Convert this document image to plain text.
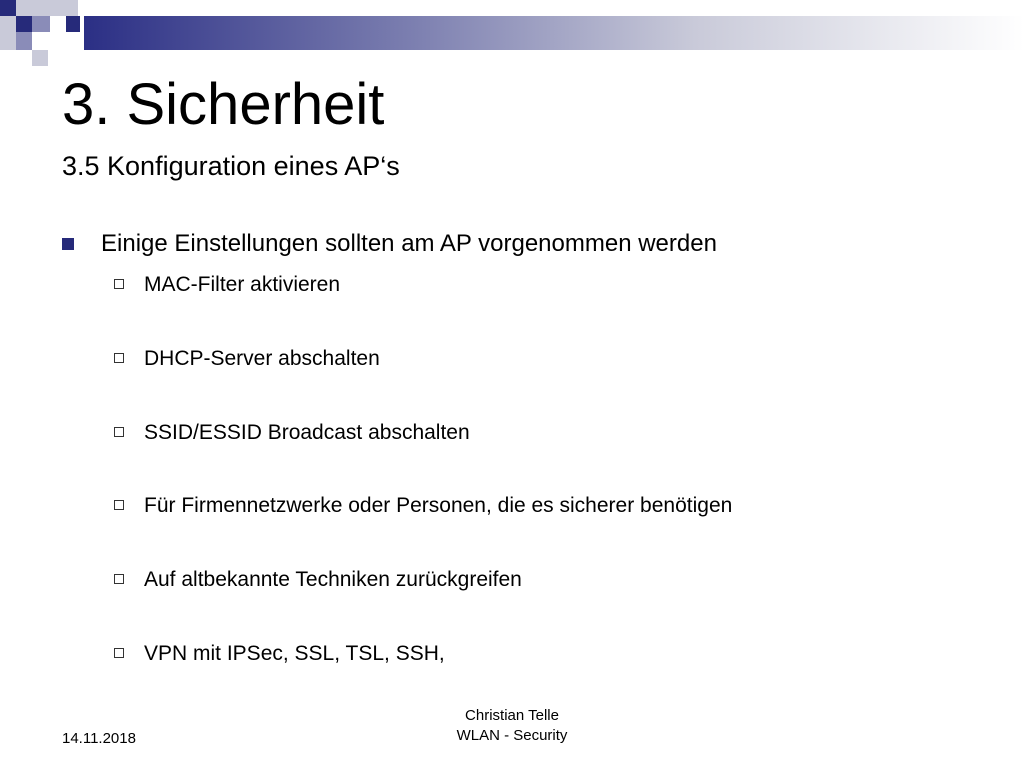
3. Sicherheit
3.5 Konfiguration eines AP‘s
Einige Einstellungen sollten am AP vorgenommen werden
MAC-Filter aktivieren
DHCP-Server abschalten
SSID/ESSID Broadcast abschalten
Für Firmennetzwerke oder Personen, die es sicherer benötigen
Auf altbekannte Techniken zurückgreifen
VPN mit IPSec, SSL, TSL, SSH,
Christian Telle
WLAN - Security
14.11.2018
